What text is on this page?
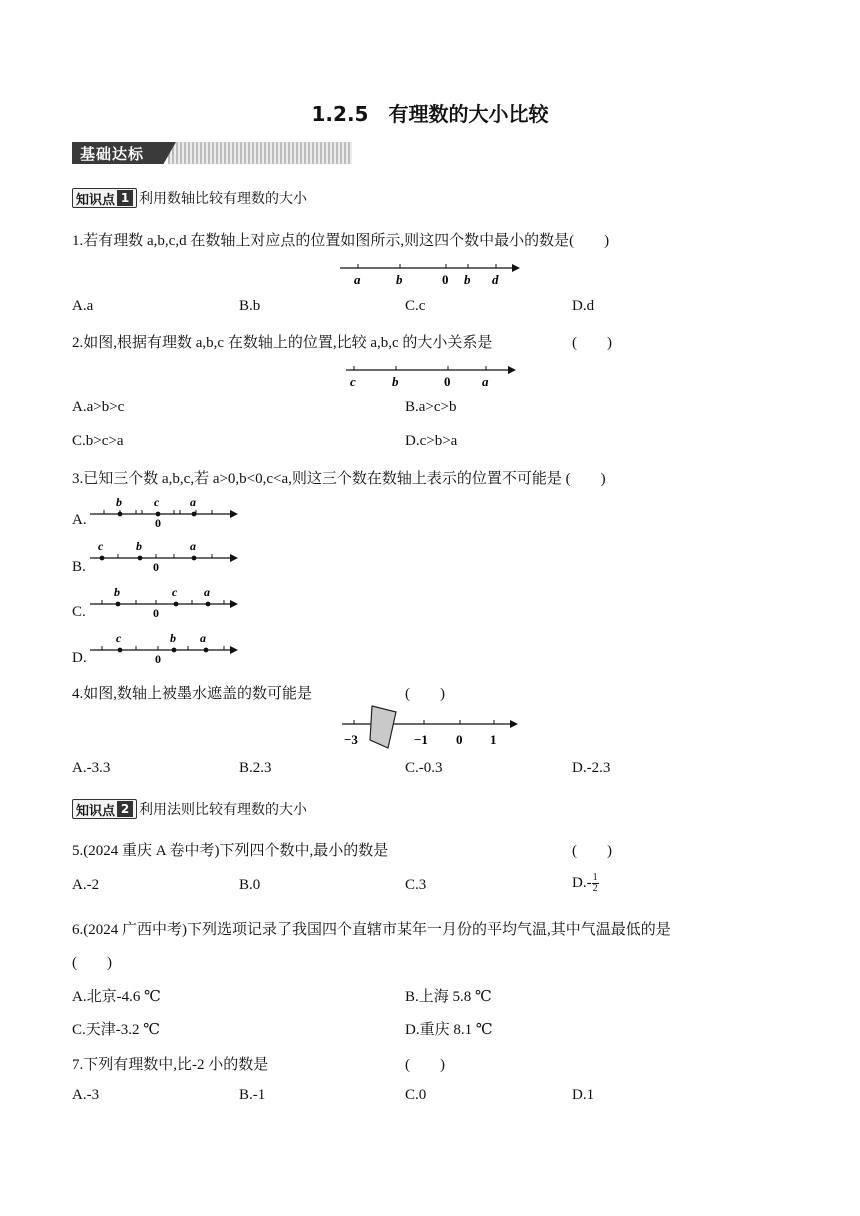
1.2.5　有理数的大小比较
基础达标
知识点 1 利用数轴比较有理数的大小
1.若有理数 a,b,c,d 在数轴上对应点的位置如图所示,则这四个数中最小的数是(　　)
a	b	0 b d
A.a	B.b	C.c	D.d
2.如图,根据有理数 a,b,c 在数轴上的位置,比较 a,b,c 的大小关系是	(　　)
c	b	0 a
A.a>b>c	B.a>c>b
C.b>c>a	D.c>b>a
3.已知三个数 a,b,c,若 a>0,b<0,c<a,则这三个数在数轴上表示的位置不可能是 (　　)
A.
b	c	a
0
B.
c	b	a
0
C.
b	c a
0
D.
c	b a
0
4.如图,数轴上被墨水遮盖的数可能是	(　　)
−3	−1 0 1
A.-3.3	B.2.3	C.-0.3	D.-2.3
知识点 2 利用法则比较有理数的大小
5.(2024 重庆 A 卷中考)下列四个数中,最小的数是	(　　)
A.-2	B.0	C.3	$D.- \frac{1}{2}$
6.(2024 广西中考)下列选项记录了我国四个直辖市某年一月份的平均气温,其中气温最低的是
(　　)
A.北京-4.6 ℃	B.上海 5.8 ℃
C.天津-3.2 ℃	D.重庆 8.1 ℃
7.下列有理数中,比-2 小的数是	(　　)
A.-3	B.-1	C.0	D.1
